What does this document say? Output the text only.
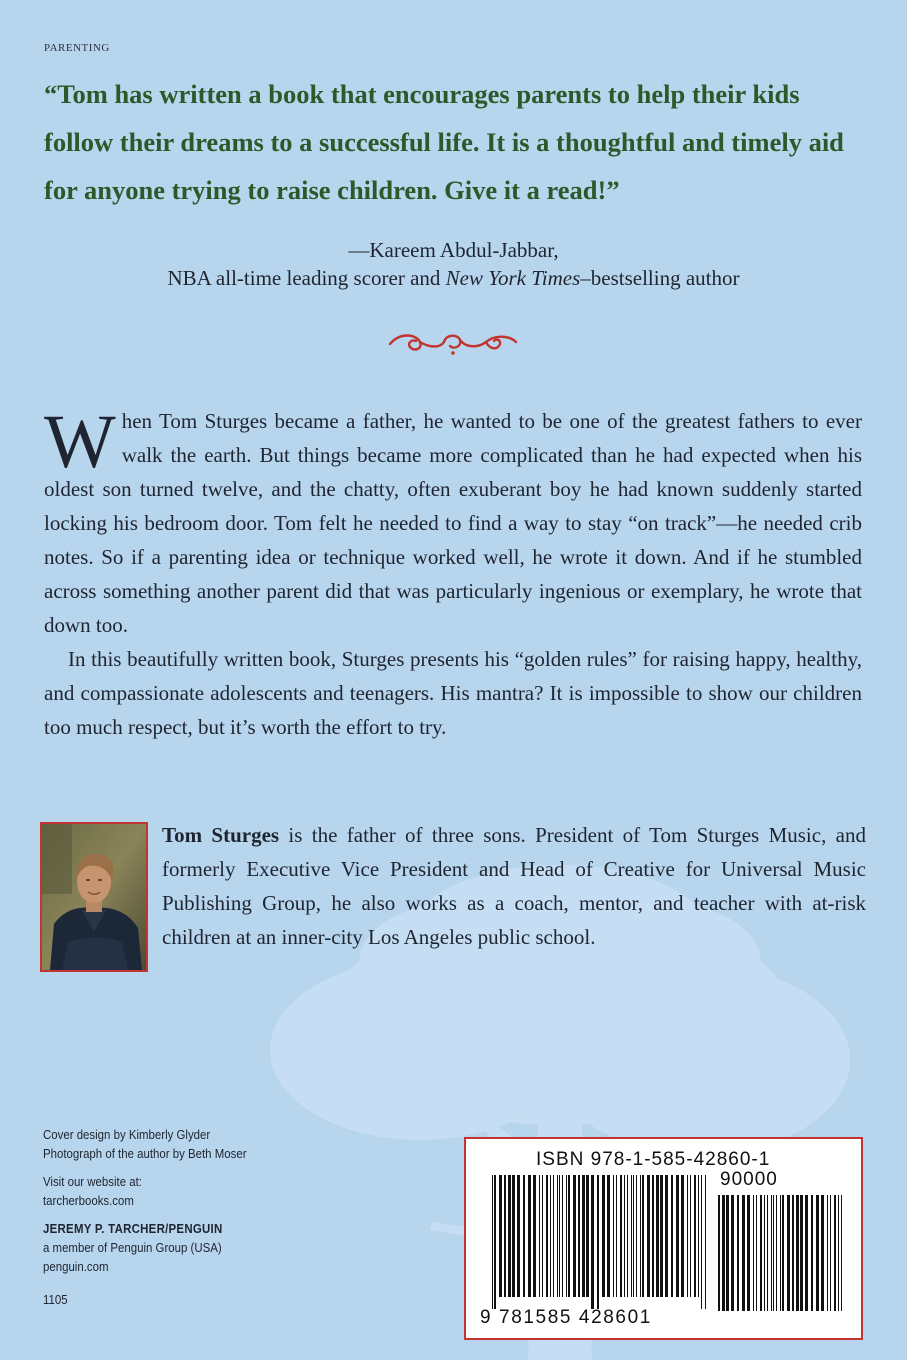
PARENTING
“Tom has written a book that encourages parents to help their kids follow their dreams to a successful life. It is a thoughtful and timely aid for anyone trying to raise children. Give it a read!”
—Kareem Abdul-Jabbar,
NBA all-time leading scorer and New York Times–bestselling author

When Tom Sturges became a father, he wanted to be one of the greatest fathers to ever walk the earth. But things became more complicated than he had expected when his oldest son turned twelve, and the chatty, often exuberant boy he had known suddenly started locking his bedroom door. Tom felt he needed to find a way to stay “on track”—he needed crib notes. So if a parenting idea or technique worked well, he wrote it down. And if he stumbled across something another parent did that was particularly ingenious or exemplary, he wrote that down too.

In this beautifully written book, Sturges presents his “golden rules” for raising happy, healthy, and compassionate adolescents and teenagers. His mantra? It is impossible to show our children too much respect, but it’s worth the effort to try.

Tom Sturges is the father of three sons. President of Tom Sturges Music, and formerly Executive Vice President and Head of Creative for Universal Music Publishing Group, he also works as a coach, mentor, and teacher with at-risk children at an inner-city Los Angeles public school.
Cover design by Kimberly Glyder
Photograph of the author by Beth Moser
Visit our website at:
tarcherbooks.com
JEREMY P. TARCHER/PENGUIN
a member of Penguin Group (USA)
penguin.com
1105
ISBN 978-1-585-42860-1
90000
9 781585 428601
